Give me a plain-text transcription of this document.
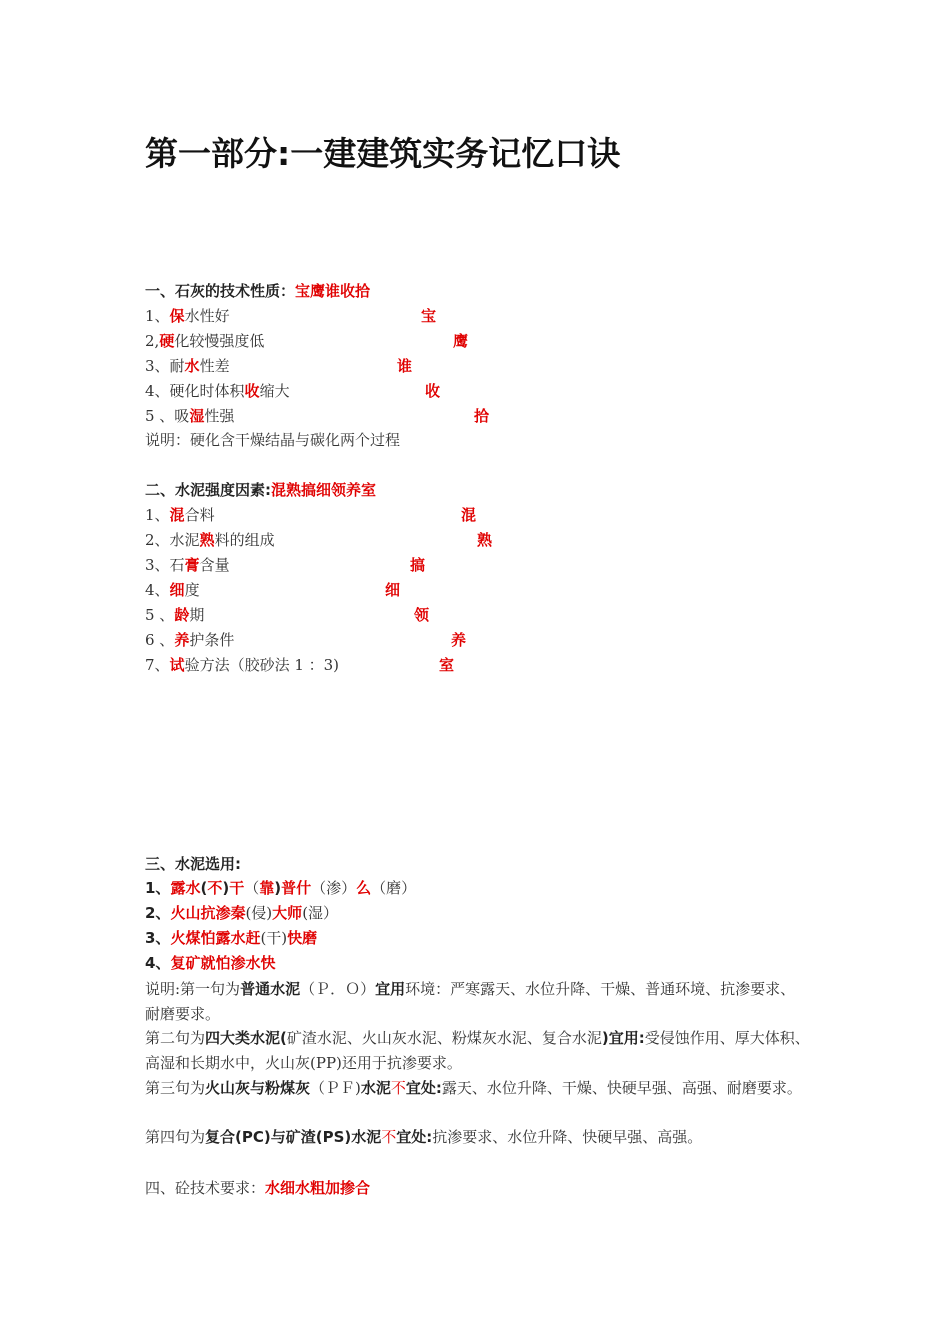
第一部分:一建建筑实务记忆口诀
一、石灰的技术性质：宝鹰谁收拾
1、保水性好	宝
2,硬化较慢强度低	鹰
3、耐水性差	谁
4、硬化时体积收缩大	收
5 、吸湿性强	拾
说明：硬化含干燥结晶与碳化两个过程
二、水泥强度因素:混熟搞细领养室
1、混合料	混
2、水泥熟料的组成	熟
3、石膏含量	搞
4、细度	细
5 、龄期	领
6 、养护条件	养
7、试验方法（胶砂法 1 ：3)	室
三、水泥选用:
1、露水(不)干（靠)普什（渗）么（磨）
2、火山抗渗秦(侵)大师(湿）
3、火煤怕露水赶(干)快磨
4、复矿就怕渗水快
说明:第一句为普通水泥（Ｐ．Ｏ）宜用环境：严寒露天、水位升降、干燥、普通环境、抗渗要求、耐磨要求。
第二句为四大类水泥(矿渣水泥、火山灰水泥、粉煤灰水泥、复合水泥)宜用:受侵蚀作用、厚大体积、高湿和长期水中，火山灰(PP)还用于抗渗要求。
第三句为火山灰与粉煤灰（ＰＦ)水泥不宜处:露天、水位升降、干燥、快硬早强、高强、耐磨要求。
第四句为复合(PC)与矿渣(PS)水泥不宜处:抗渗要求、水位升降、快硬早强、高强。
四、砼技术要求：水细水粗加掺合
